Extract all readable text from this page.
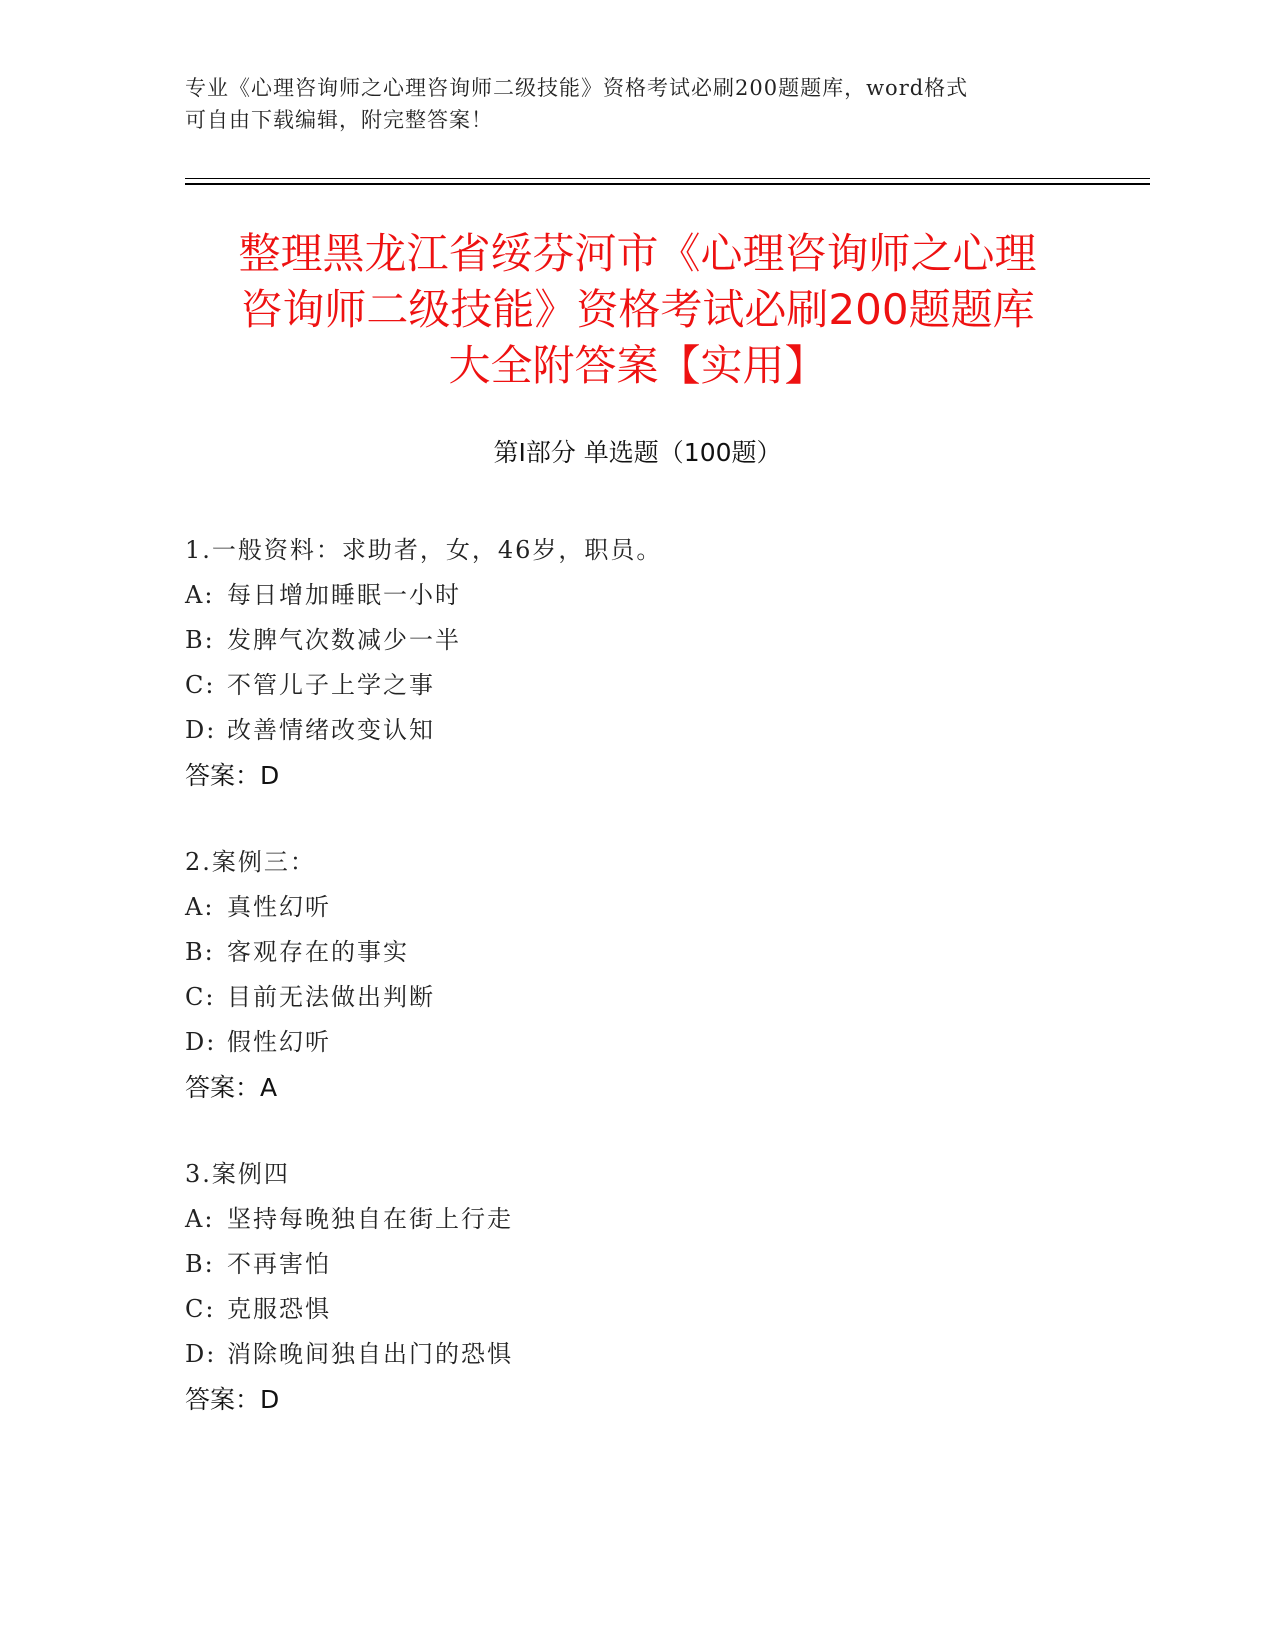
专业《心理咨询师之心理咨询师二级技能》资格考试必刷200题题库，word格式
可自由下载编辑，附完整答案！
整理黑龙江省绥芬河市《心理咨询师之心理
咨询师二级技能》资格考试必刷200题题库
大全附答案【实用】
第Ⅰ部分 单选题（100题）
1.一般资料：求助者，女，46岁，职员。
A: 每日增加睡眠一小时
B: 发脾气次数减少一半
C: 不管儿子上学之事
D: 改善情绪改变认知
答案：D
2.案例三：
A: 真性幻听
B: 客观存在的事实
C: 目前无法做出判断
D: 假性幻听
答案：A
3.案例四
A: 坚持每晚独自在街上行走
B: 不再害怕
C: 克服恐惧
D: 消除晚间独自出门的恐惧
答案：D
